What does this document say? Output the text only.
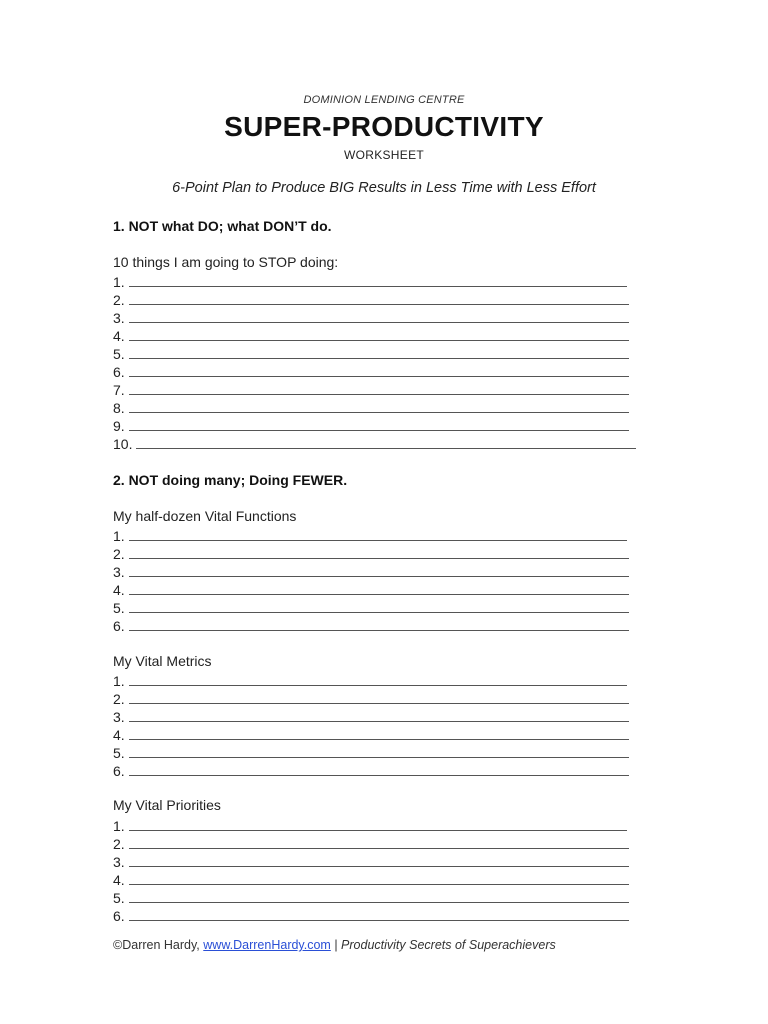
DOMINION LENDING CENTRE
SUPER-PRODUCTIVITY
WORKSHEET
6-Point Plan to Produce BIG Results in Less Time with Less Effort
1. NOT what DO; what DON’T do.
10 things I am going to STOP doing:
1.
2.
3.
4.
5.
6.
7.
8.
9.
10.
2. NOT doing many; Doing FEWER.
My half-dozen Vital Functions
1.
2.
3.
4.
5.
6.
My Vital Metrics
1.
2.
3.
4.
5.
6.
My Vital Priorities
1.
2.
3.
4.
5.
6.
©Darren Hardy, www.DarrenHardy.com | Productivity Secrets of Superachievers
